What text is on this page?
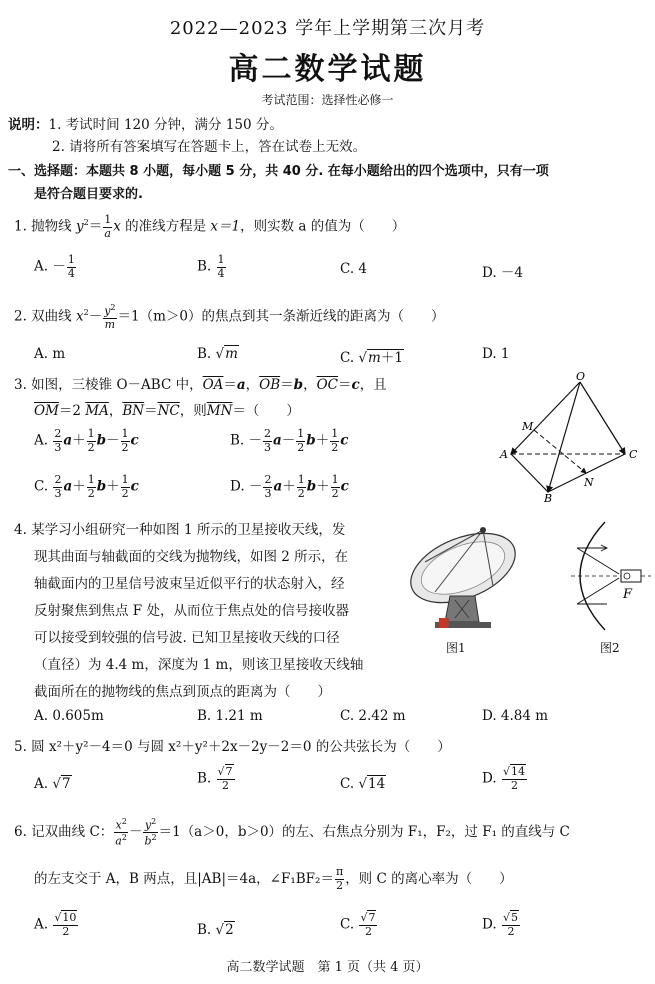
2022—2023 学年上学期第三次月考
高二数学试题
考试范围：选择性必修一
说明：1. 考试时间 120 分钟，满分 150 分。
2. 请将所有答案填写在答题卡上，答在试卷上无效。
一、选择题：本题共 8 小题，每小题 5 分，共 40 分. 在每小题给出的四个选项中，只有一项
是符合题目要求的.
1. 抛物线 $y^2= \frac{1}{a}$ x 的准线方程是 x＝1，则实数 a 的值为（　　）
A. － $\frac{1}{4}$	B. $\frac{1}{4}$	C. 4	D. －4
2. 双曲线 $x^2- \frac{y^2}{m} =1(m>0)$的焦点到其一条渐近线的距离为（　　）
A. m	B. √m	C. √m＋1	D. 1
3. 如图，三棱锥 O－ABC 中，$\overline{OA}=a$，$\overline{OB}=b$，$\overline{OC}=c$，且
$\overline{OM}=2$ $\overline{MA}$，$\overline{BN}=\overline{NC}$，则$\overline{MN}=$（　　）
A. $\frac{2}{3} a+ \frac{1}{2} b- \frac{1}{2}$ c	B. － $\frac{2}{3} a- \frac{1}{2} b+ \frac{1}{2}$ c
C. $\frac{2}{3} a+ \frac{1}{2} b+ \frac{1}{2}$ c	D. － $\frac{2}{3} a+ \frac{1}{2} b+ \frac{1}{2}$ c
O
A
B
C
M
N
4. 某学习小组研究一种如图 1 所示的卫星接收天线，发
现其曲面与轴截面的交线为抛物线，如图 2 所示，在
轴截面内的卫星信号波束呈近似平行的状态射入，经
反射聚焦到焦点 F 处，从而位于焦点处的信号接收器
可以接受到较强的信号波. 已知卫星接收天线的口径
（直径）为 4.4 m，深度为 1 m，则该卫星接收天线轴
截面所在的抛物线的焦点到顶点的距离为（　　）
图1
F
图2
A. 0.605m	B. 1.21 m	C. 2.42 m	D. 4.84 m
5. 圆 x²＋y²－4＝0 与圆 x²＋y²＋2x－2y－2＝0 的公共弦长为（　　）
A. √7	B. $\frac{√7}{2}$	C. √14	D. $\frac{√14}{2}$
6. 记双曲线 C： $\frac{x^2}{a^2} - \frac{y^2}{b^2} =1(a>0$，b＞0）的左、右焦点分别为 F₁，F₂，过 F₁ 的直线与 C
的左支交于 A，B 两点，且|AB|＝4a，∠F₁BF₂＝ $\frac{\pi}{2}$ ，则 C 的离心率为（　　）
A. $\frac{√10}{2}$	B. √2	C. $\frac{√7}{2}$	D. $\frac{√5}{2}$
高二数学试题　第 1 页（共 4 页）
